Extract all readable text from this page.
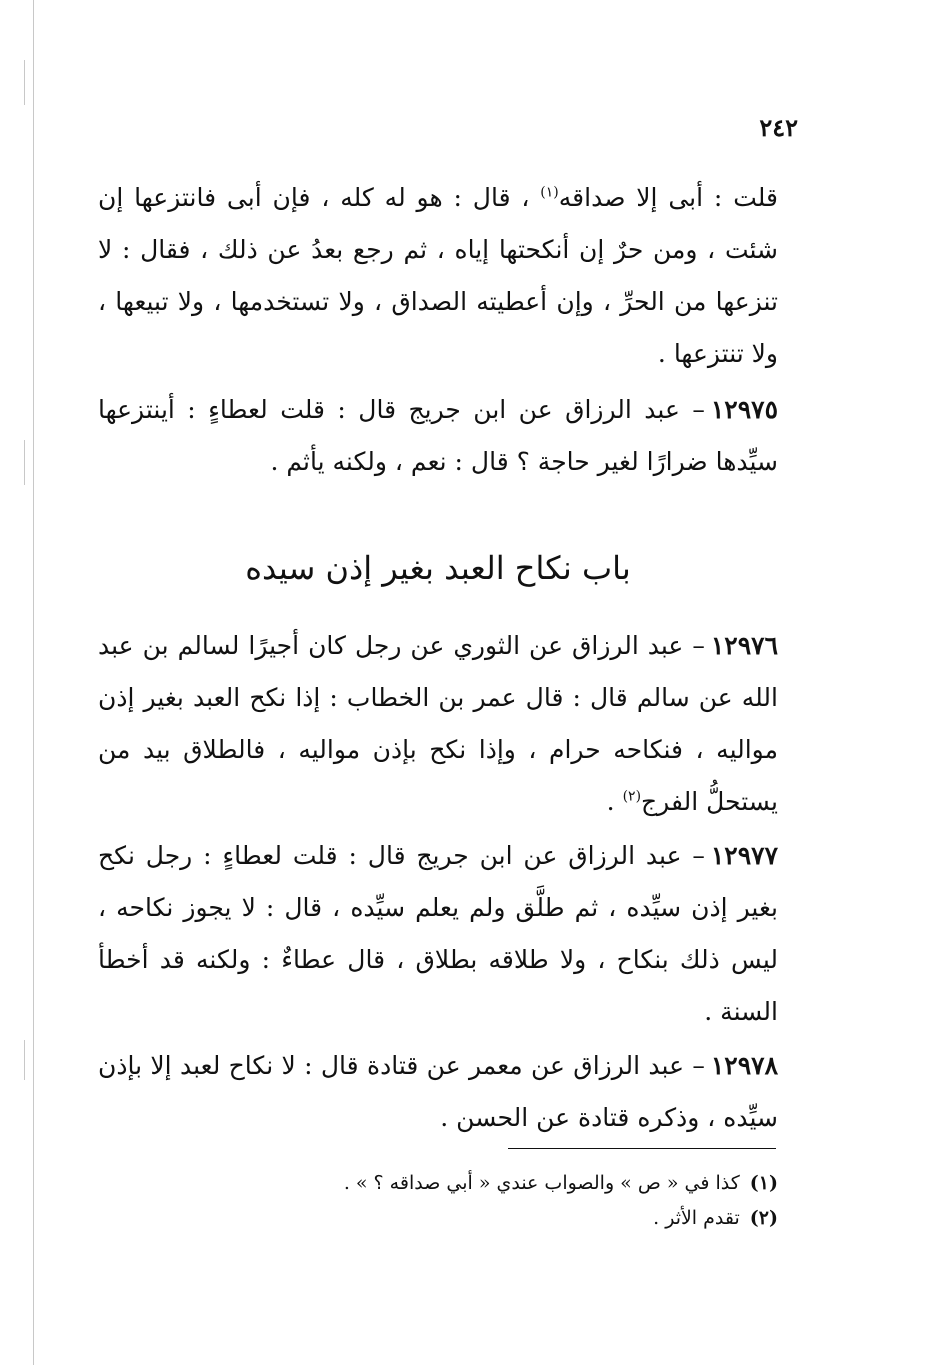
٢٤٢
قلت : أبى إلا صداقه$^{(١)}$ ، قال : هو له كله ، فإن أبى فانتزعها إن شئت ، ومن حرٌ إن أنكحتها إياه ، ثم رجع بعدُ عن ذلك ، فقال : لا تنزعها من الحرِّ ، وإن أعطيته الصداق ، ولا تستخدمها ، ولا تبيعها ، ولا تنتزعها .
١٢٩٧٥– عبد الرزاق عن ابن جريج قال : قلت لعطاءٍ : أينتزعها سيِّدها ضرارًا لغير حاجة ؟ قال : نعم ، ولكنه يأثم .
باب نكاح العبد بغير إذن سيده
١٢٩٧٦– عبد الرزاق عن الثوري عن رجل كان أجيرًا لسالم بن عبد الله عن سالم قال : قال عمر بن الخطاب : إذا نكح العبد بغير إذن مواليه ، فنكاحه حرام ، وإذا نكح بإذن مواليه ، فالطلاق بيد من يستحلُّ الفرج$^{(٢)}$ .
١٢٩٧٧– عبد الرزاق عن ابن جريج قال : قلت لعطاءٍ : رجل نكح بغير إذن سيِّده ، ثم طلَّق ولم يعلم سيِّده ، قال : لا يجوز نكاحه ، ليس ذلك بنكاح ، ولا طلاقه بطلاق ، قال عطاءٌ : ولكنه قد أخطأ السنة .
١٢٩٧٨– عبد الرزاق عن معمر عن قتادة قال : لا نكاح لعبد إلا بإذن سيِّده ، وذكره قتادة عن الحسن .
(١)كذا في « ص » والصواب عندي « أبي صداقه ؟ » .
(٢)تقدم الأثر .
